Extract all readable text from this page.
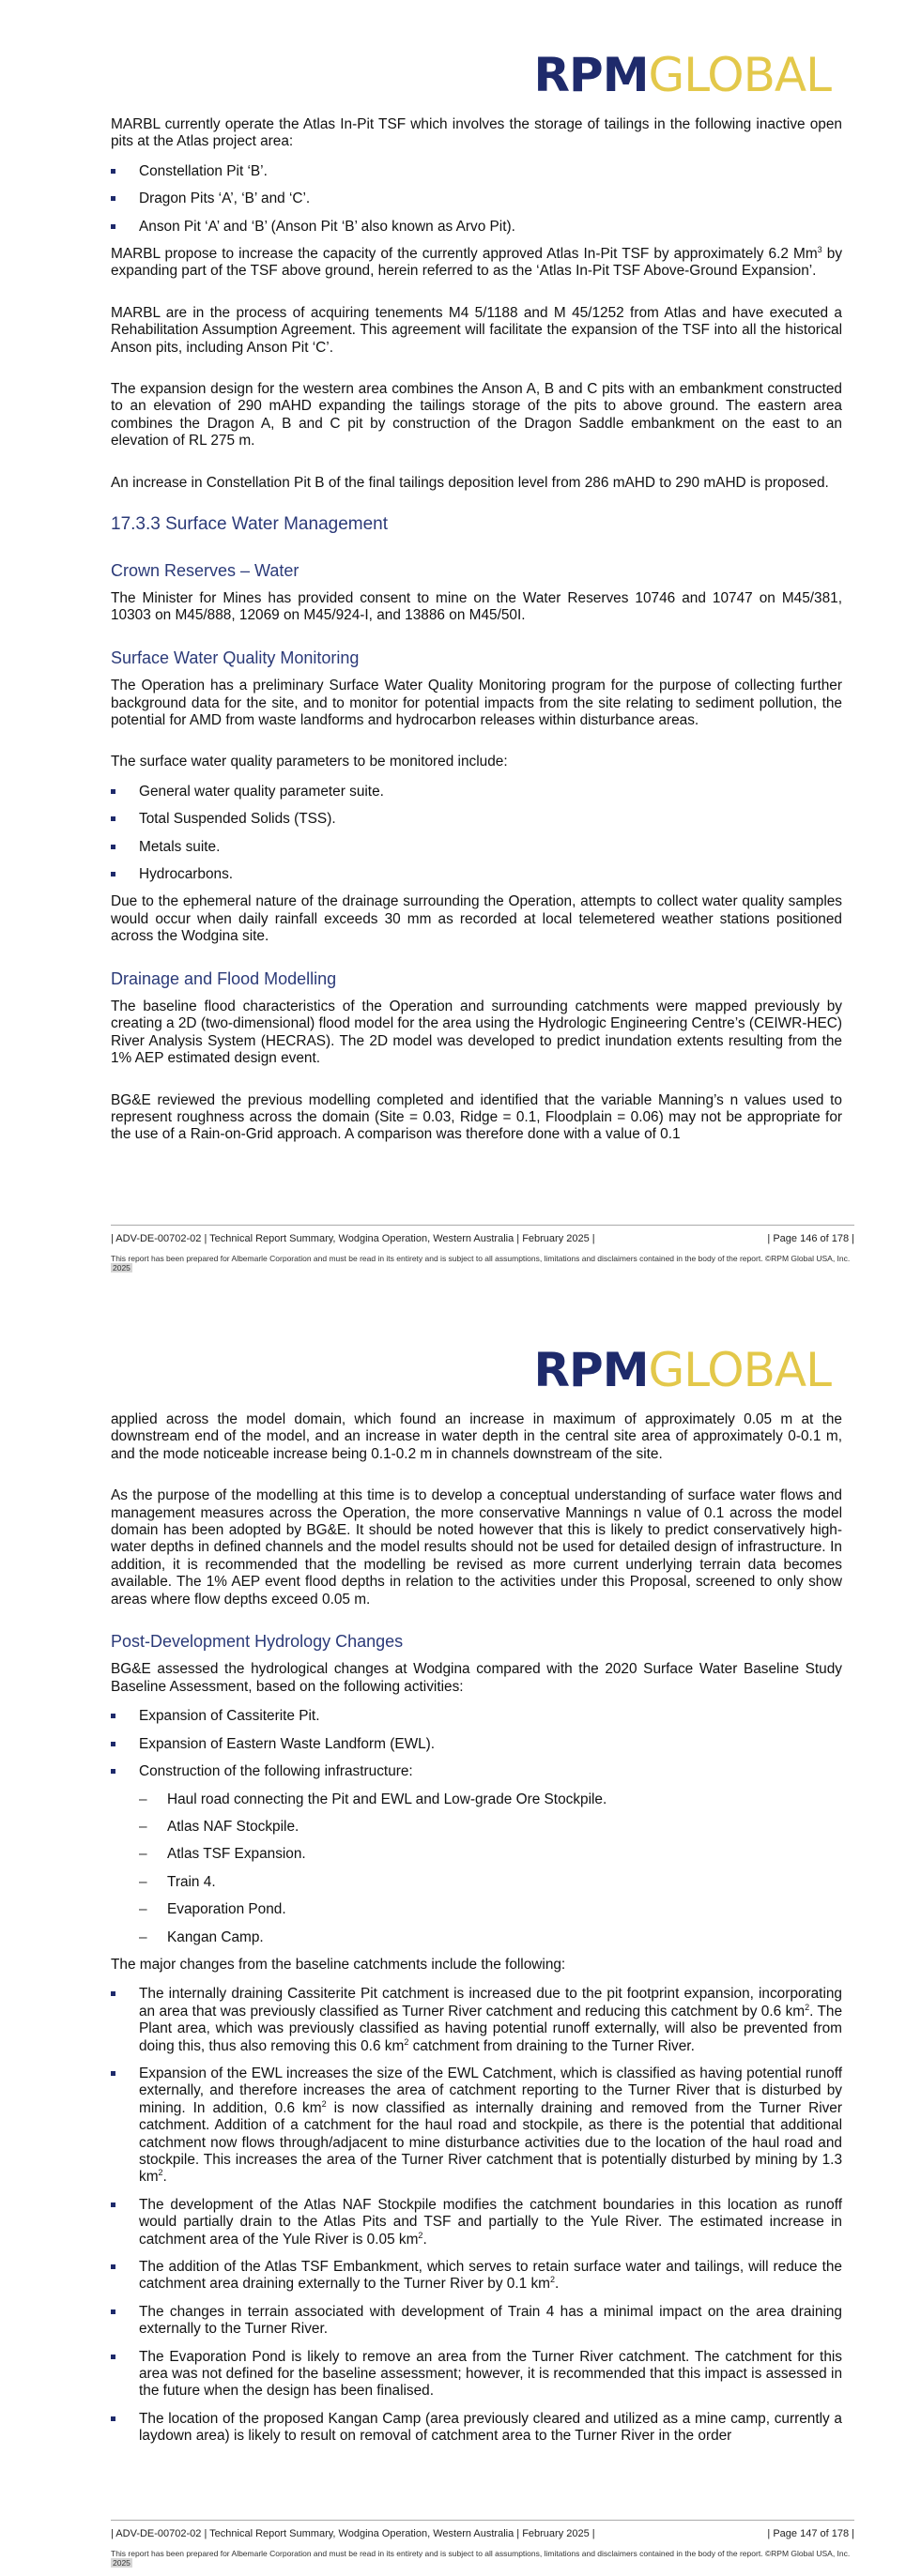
RPMGLOBAL

MARBL currently operate the Atlas In-Pit TSF which involves the storage of tailings in the following inactive open pits at the Atlas project area:

Constellation Pit ‘B’.
Dragon Pits ‘A’, ‘B’ and ‘C’.
Anson Pit ‘A’ and ‘B’ (Anson Pit ‘B’ also known as Arvo Pit).

MARBL propose to increase the capacity of the currently approved Atlas In-Pit TSF by approximately 6.2 Mm$^3$ by expanding part of the TSF above ground, herein referred to as the ‘Atlas In-Pit TSF Above-Ground Expansion’.

MARBL are in the process of acquiring tenements M4 5/1188 and M 45/1252 from Atlas and have executed a Rehabilitation Assumption Agreement. This agreement will facilitate the expansion of the TSF into all the historical Anson pits, including Anson Pit ‘C’.

The expansion design for the western area combines the Anson A, B and C pits with an embankment constructed to an elevation of 290 mAHD expanding the tailings storage of the pits to above ground. The eastern area combines the Dragon A, B and C pit by construction of the Dragon Saddle embankment on the east to an elevation of RL 275 m.

An increase in Constellation Pit B of the final tailings deposition level from 286 mAHD to 290 mAHD is proposed.

17.3.3 Surface Water Management
Crown Reserves – Water

The Minister for Mines has provided consent to mine on the Water Reserves 10746 and 10747 on M45/381, 10303 on M45/888, 12069 on M45/924-I, and 13886 on M45/50I.

Surface Water Quality Monitoring

The Operation has a preliminary Surface Water Quality Monitoring program for the purpose of collecting further background data for the site, and to monitor for potential impacts from the site relating to sediment pollution, the potential for AMD from waste landforms and hydrocarbon releases within disturbance areas.

The surface water quality parameters to be monitored include:

General water quality parameter suite.
Total Suspended Solids (TSS).
Metals suite.
Hydrocarbons.

Due to the ephemeral nature of the drainage surrounding the Operation, attempts to collect water quality samples would occur when daily rainfall exceeds 30 mm as recorded at local telemetered weather stations positioned across the Wodgina site.

Drainage and Flood Modelling

The baseline flood characteristics of the Operation and surrounding catchments were mapped previously by creating a 2D (two-dimensional) flood model for the area using the Hydrologic Engineering Centre’s (CEIWR-HEC) River Analysis System (HECRAS). The 2D model was developed to predict inundation extents resulting from the 1% AEP estimated design event.

BG&E reviewed the previous modelling completed and identified that the variable Manning’s n values used to represent roughness across the domain (Site = 0.03, Ridge = 0.1, Floodplain = 0.06) may not be appropriate for the use of a Rain-on-Grid approach. A comparison was therefore done with a value of 0.1

| ADV-DE-00702-02 | Technical Report Summary, Wodgina Operation, Western Australia | February 2025 |	| Page 146 of 178 |
This report has been prepared for Albemarle Corporation and must be read in its entirety and is subject to all assumptions, limitations and disclaimers contained in the body of the report. ©RPM Global USA, Inc. 2025
RPMGLOBAL

applied across the model domain, which found an increase in maximum of approximately 0.05 m at the downstream end of the model, and an increase in water depth in the central site area of approximately 0-0.1 m, and the mode noticeable increase being 0.1-0.2 m in channels downstream of the site.

As the purpose of the modelling at this time is to develop a conceptual understanding of surface water flows and management measures across the Operation, the more conservative Mannings n value of 0.1 across the model domain has been adopted by BG&E. It should be noted however that this is likely to predict conservatively high-water depths in defined channels and the model results should not be used for detailed design of infrastructure. In addition, it is recommended that the modelling be revised as more current underlying terrain data becomes available. The 1% AEP event flood depths in relation to the activities under this Proposal, screened to only show areas where flow depths exceed 0.05 m.

Post-Development Hydrology Changes

BG&E assessed the hydrological changes at Wodgina compared with the 2020 Surface Water Baseline Study Baseline Assessment, based on the following activities:

Expansion of Cassiterite Pit.
Expansion of Eastern Waste Landform (EWL).
Construction of the following infrastructure:
– Haul road connecting the Pit and EWL and Low-grade Ore Stockpile.
– Atlas NAF Stockpile.
– Atlas TSF Expansion.
– Train 4.
– Evaporation Pond.
– Kangan Camp.

The major changes from the baseline catchments include the following:

The internally draining Cassiterite Pit catchment is increased due to the pit footprint expansion, incorporating an area that was previously classified as Turner River catchment and reducing this catchment by 0.6 $km^2$. The Plant area, which was previously classified as having potential runoff externally, will also be prevented from doing this, thus also removing this 0.6 $km^2$ catchment from draining to the Turner River.
Expansion of the EWL increases the size of the EWL Catchment, which is classified as having potential runoff externally, and therefore increases the area of catchment reporting to the Turner River that is disturbed by mining. In addition, 0.6 $km^2$ is now classified as internally draining and removed from the Turner River catchment. Addition of a catchment for the haul road and stockpile, as there is the potential that additional catchment now flows through/adjacent to mine disturbance activities due to the location of the haul road and stockpile. This increases the area of the Turner River catchment that is potentially disturbed by mining by 1.3 $km^2$.
The development of the Atlas NAF Stockpile modifies the catchment boundaries in this location as runoff would partially drain to the Atlas Pits and TSF and partially to the Yule River. The estimated increase in catchment area of the Yule River is 0.05 $km^2$.
The addition of the Atlas TSF Embankment, which serves to retain surface water and tailings, will reduce the catchment area draining externally to the Turner River by 0.1 $km^2$.
The changes in terrain associated with development of Train 4 has a minimal impact on the area draining externally to the Turner River.
The Evaporation Pond is likely to remove an area from the Turner River catchment. The catchment for this area was not defined for the baseline assessment; however, it is recommended that this impact is assessed in the future when the design has been finalised.
The location of the proposed Kangan Camp (area previously cleared and utilized as a mine camp, currently a laydown area) is likely to result on removal of catchment area to the Turner River in the order
| ADV-DE-00702-02 | Technical Report Summary, Wodgina Operation, Western Australia | February 2025 |	| Page 147 of 178 |
This report has been prepared for Albemarle Corporation and must be read in its entirety and is subject to all assumptions, limitations and disclaimers contained in the body of the report. ©RPM Global USA, Inc. 2025
